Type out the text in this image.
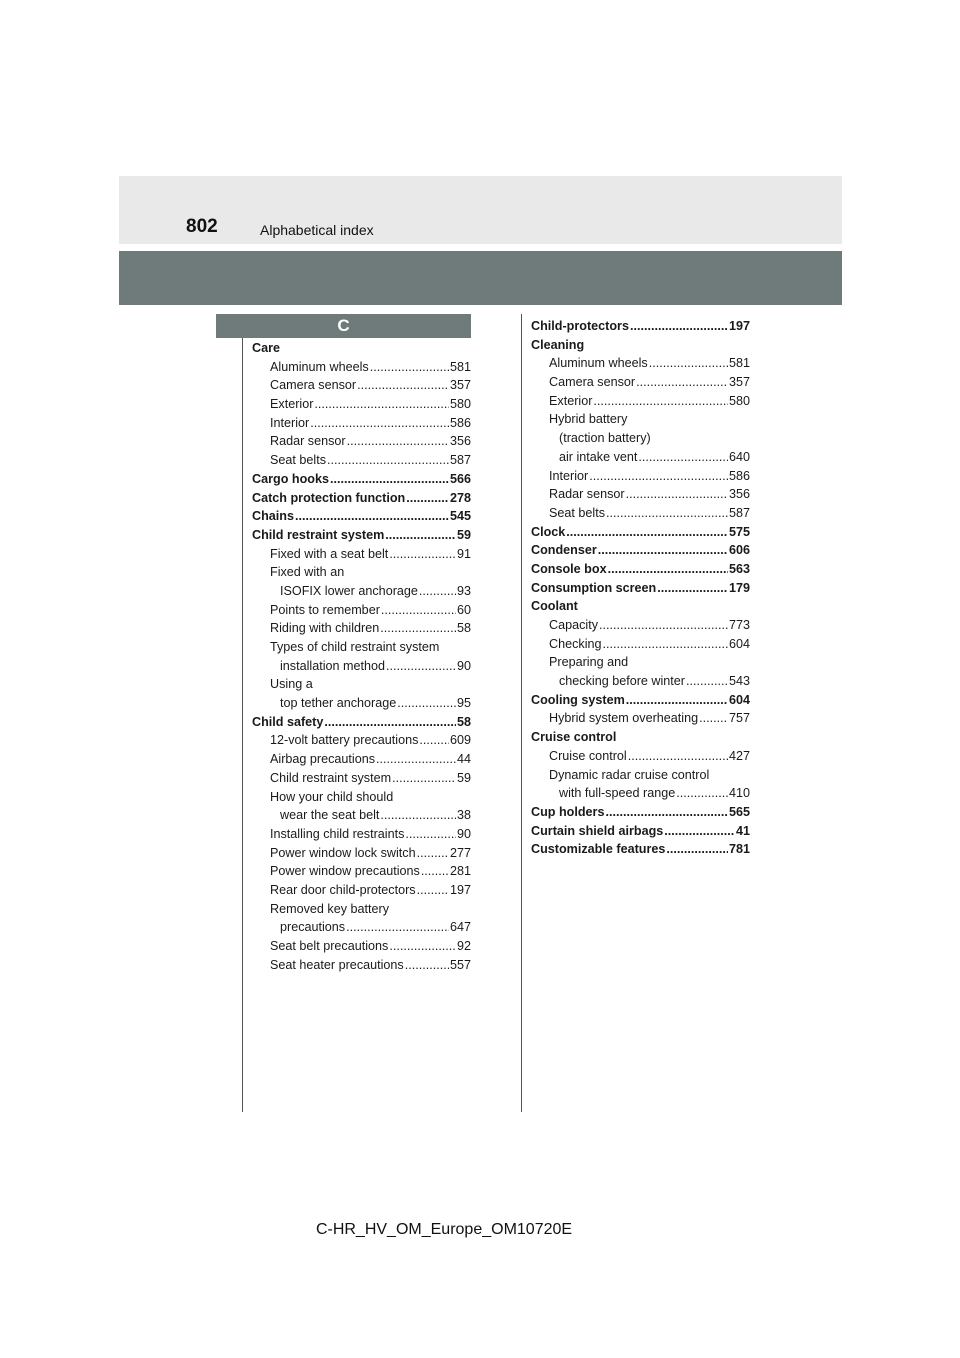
802	Alphabetical index
C
Care
Aluminum wheels .....	581
Camera sensor .....	357
Exterior .....	580
Interior .....	586
Radar sensor .....	356
Seat belts .....	587
Cargo hooks .....	566
Catch protection function .....	278
Chains .....	545
Child restraint system .....	59
Fixed with a seat belt .....	91
Fixed with an
ISOFIX lower anchorage .....	93
Points to remember .....	60
Riding with children .....	58
Types of child restraint system
installation method .....	90
Using a
top tether anchorage .....	95
Child safety .....	58
12-volt battery precautions .....	609
Airbag precautions .....	44
Child restraint system .....	59
How your child should
wear the seat belt .....	38
Installing child restraints .....	90
Power window lock switch .....	277
Power window precautions ..... 281
Rear door child-protectors .....	197
Removed key battery
precautions .....	647
Seat belt precautions .....	92
Seat heater precautions .....	557
Child-protectors .....	197
Cleaning
Aluminum wheels .....	581
Camera sensor .....	357
Exterior .....	580
Hybrid battery
(traction battery)
air intake vent .....	640
Interior .....	586
Radar sensor .....	356
Seat belts .....	587
Clock .....	575
Condenser .....	606
Console box .....	563
Consumption screen .....	179
Coolant
Capacity .....	773
Checking .....	604
Preparing and
checking before winter .....	543
Cooling system .....	604
Hybrid system overheating ..... 757
Cruise control
Cruise control .....	427
Dynamic radar cruise control
with full-speed range .....	410
Cup holders .....	565
Curtain shield airbags .....	41
Customizable features .....	781
C-HR_HV_OM_Europe_OM10720E
